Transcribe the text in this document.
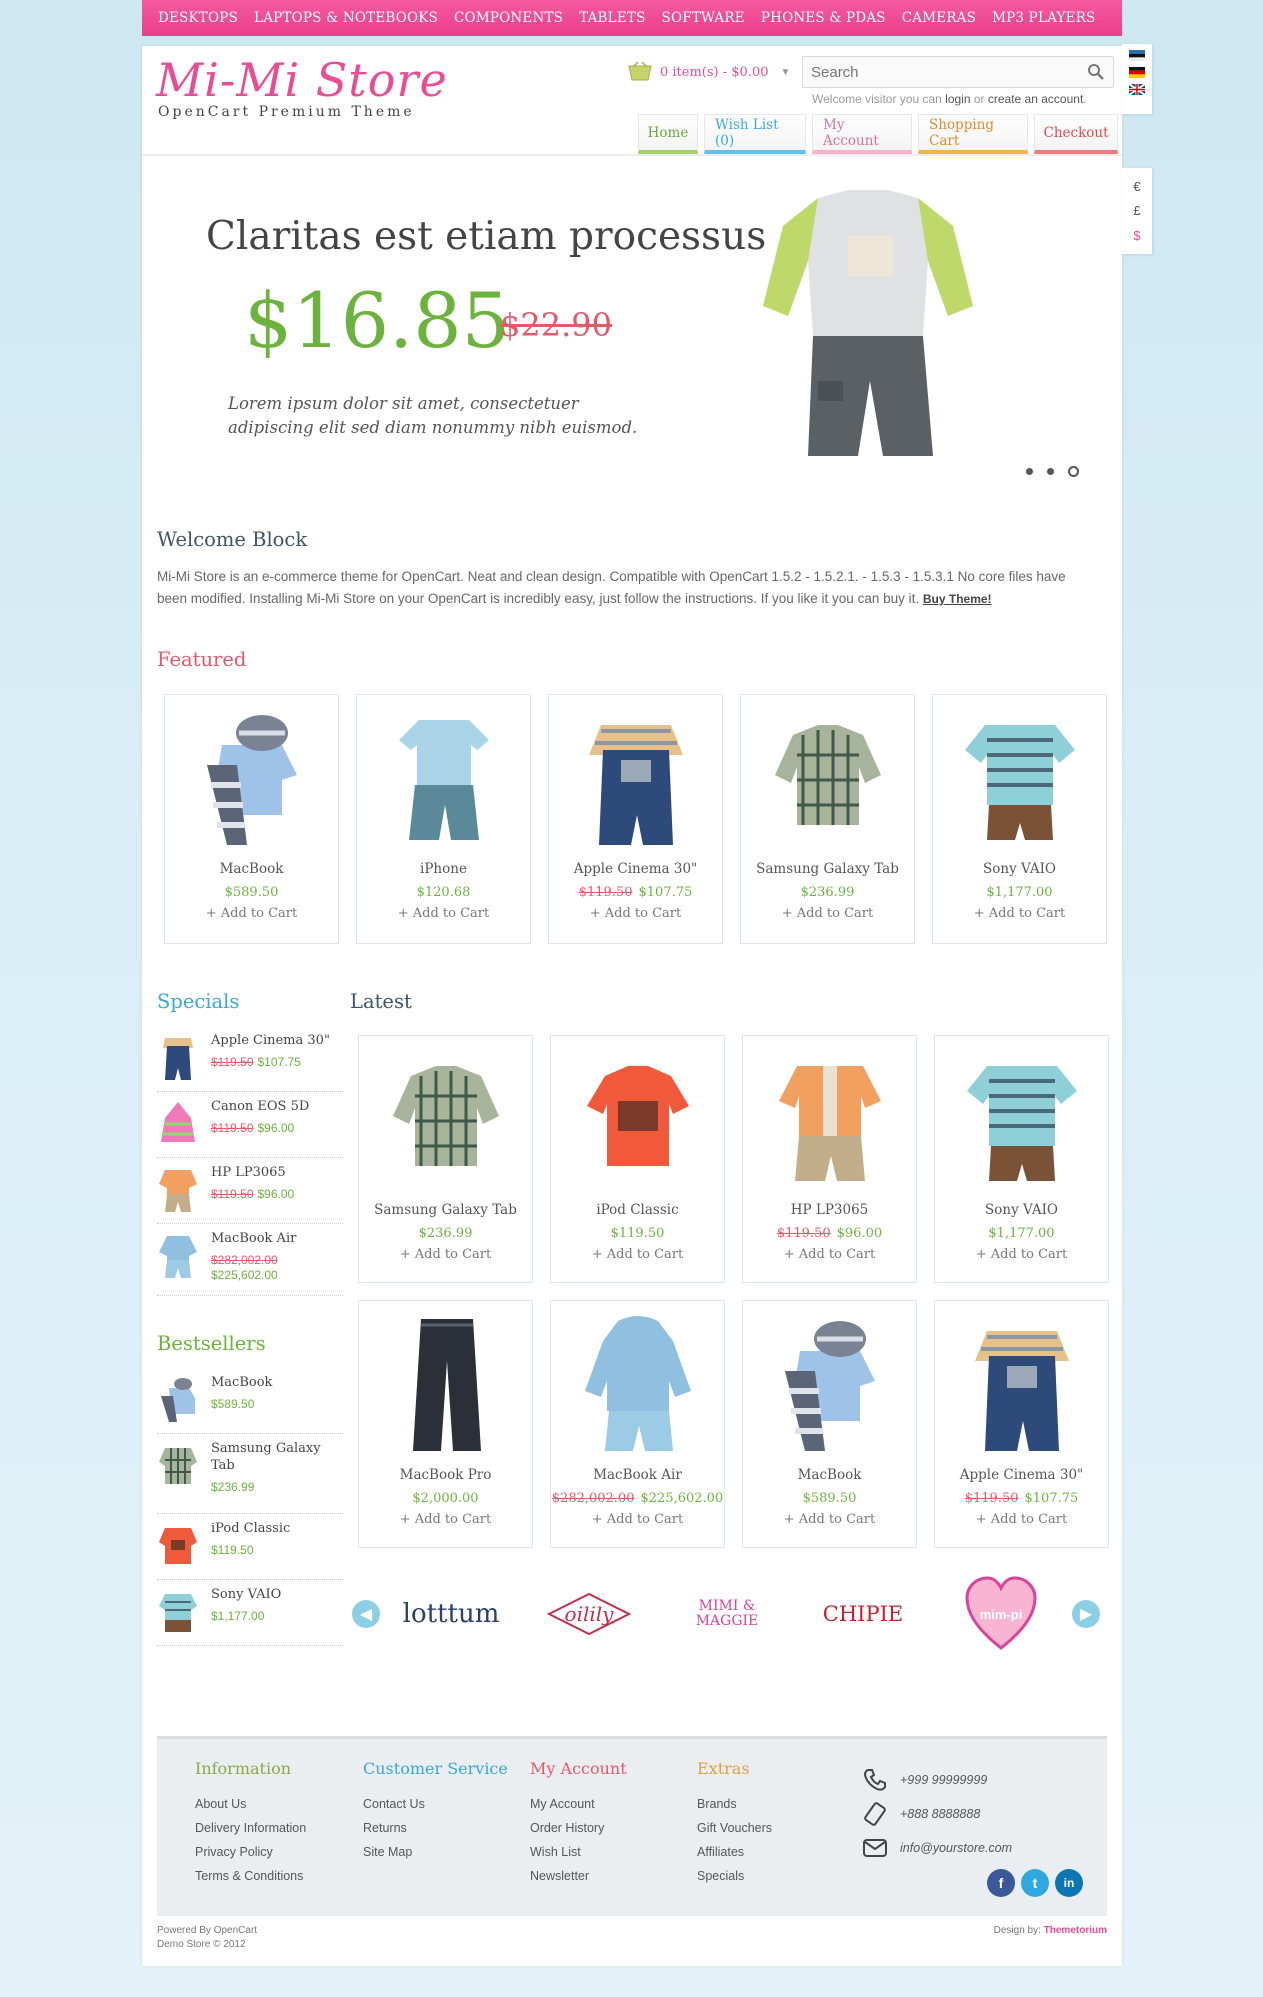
DESKTOPS	LAPTOPS & NOTEBOOKS	COMPONENTS	TABLETS	SOFTWARE	PHONES & PDAS	CAMERAS	MP3 PLAYERS
Mi-Mi Store
OpenCart Premium Theme
0 item(s) - $0.00 ▼
Search
Welcome visitor you can login or create an account.
€
£
$
Home	Wish List (0)
My Account
Shopping Cart	Checkout
Claritas est etiam processus
$16.85
$22.90
Lorem ipsum dolor sit amet, consectetuer adipiscing elit sed diam nonummy nibh euismod.
Welcome Block
Mi-Mi Store is an e-commerce theme for OpenCart. Neat and clean design. Compatible with OpenCart 1.5.2 - 1.5.2.1. - 1.5.3 - 1.5.3.1 No core files have been modified. Installing Mi-Mi Store on your OpenCart is incredibly easy, just follow the instructions. If you like it you can buy it. Buy Theme!
Featured
MacBook
$589.50
+ Add to Cart
iPhone
$120.68
+ Add to Cart
Apple Cinema 30"
$119.50 $107.75
+ Add to Cart
Samsung Galaxy Tab
$236.99
+ Add to Cart
Sony VAIO
$1,177.00
+ Add to Cart
Specials
Apple Cinema 30"
$119.50 $107.75
Canon EOS 5D
$119.50 $96.00
HP LP3065
$119.50 $96.00
MacBook Air
$282,002.00
$225,602.00
Bestsellers
MacBook
$589.50
Samsung Galaxy Tab
$236.99
iPod Classic
$119.50
Sony VAIO
$1,177.00
Latest
Samsung Galaxy Tab
$236.99
+ Add to Cart
iPod Classic
$119.50
+ Add to Cart
HP LP3065
$119.50 $96.00
+ Add to Cart
Sony VAIO
$1,177.00
+ Add to Cart
MacBook Pro
$2,000.00
+ Add to Cart
MacBook Air
$282,002.00 $225,602.00
+ Add to Cart
MacBook
$589.50
+ Add to Cart
Apple Cinema 30"
$119.50 $107.75
+ Add to Cart
◀	▶
lotttum	oilily	MIMI & MAGGIE	CHIPIE	mim-pi
Information
About Us
Delivery Information
Privacy Policy
Terms & Conditions
Customer Service
Contact Us
Returns
Site Map
My Account
My Account
Order History
Wish List
Newsletter
Extras
Brands
Gift Vouchers
Affiliates
Specials
+999 99999999
+888 8888888
info@yourstore.com
f	t	in
Powered By OpenCart
Demo Store © 2012
Design by: Themetorium
